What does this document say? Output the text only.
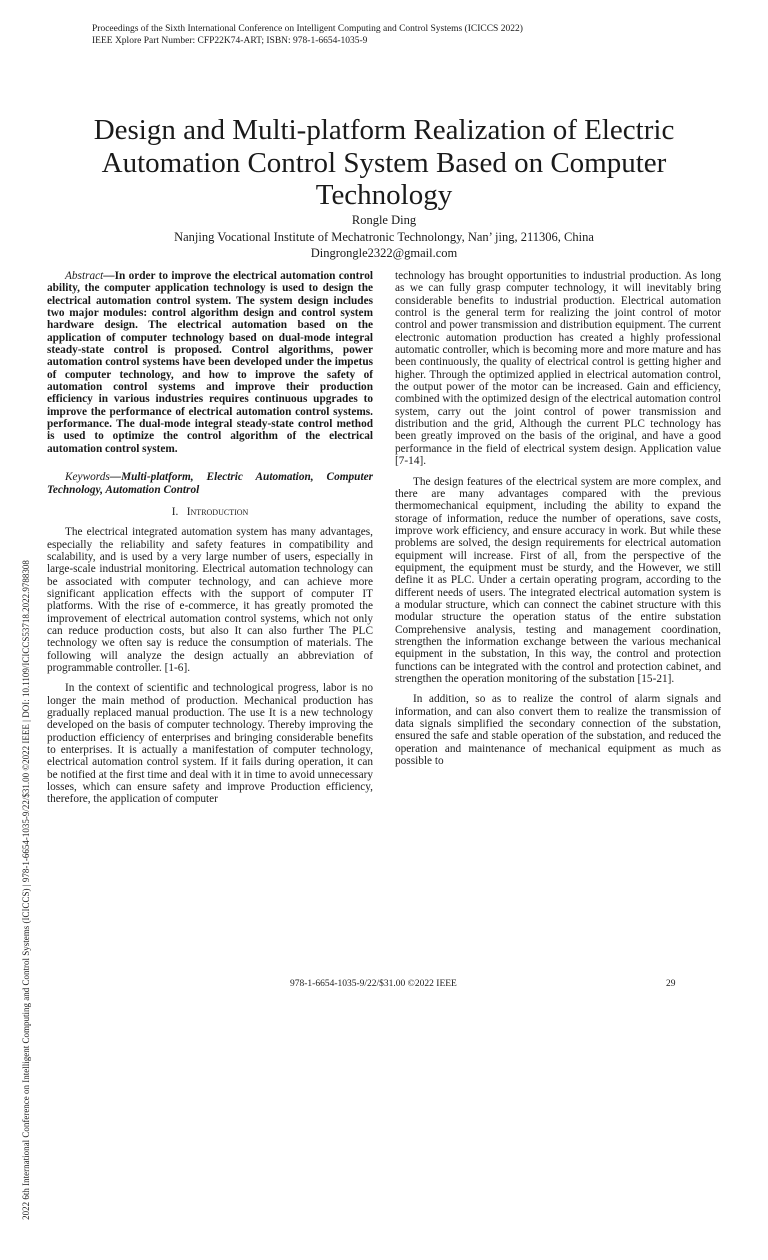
Proceedings of the Sixth International Conference on Intelligent Computing and Control Systems (ICICCS 2022)
IEEE Xplore Part Number: CFP22K74-ART; ISBN: 978-1-6654-1035-9
2022 6th International Conference on Intelligent Computing and Control Systems (ICICCS) | 978-1-6654-1035-9/22/$31.00 ©2022 IEEE | DOI: 10.1109/ICICCS53718.2022.9788308
Design and Multi-platform Realization of Electric Automation Control System Based on Computer Technology
Rongle Ding
Nanjing Vocational Institute of Mechatronic Technolongy, Nan’ jing, 211306, China
Dingrongle2322@gmail.com

Abstract—In order to improve the electrical automation control ability, the computer application technology is used to design the electrical automation control system. The system design includes two major modules: control algorithm design and control system hardware design. The electrical automation based on the application of computer technology based on dual-mode integral steady-state control is proposed. Control algorithms, power automation control systems have been developed under the impetus of computer technology, and how to improve the safety of automation control systems and improve their production efficiency in various industries requires continuous upgrades to improve the performance of electrical automation control systems. performance. The dual-mode integral steady-state control method is used to optimize the control algorithm of the electrical automation control system.

Keywords—Multi-platform, Electric Automation, Computer Technology, Automation Control

I. Introduction

The electrical integrated automation system has many advantages, especially the reliability and safety features in compatibility and scalability, and is used by a very large number of users, especially in large-scale industrial monitoring. Electrical automation technology can be associated with computer technology, and can achieve more significant application effects with the support of computer IT platforms. With the rise of e-commerce, it has greatly promoted the improvement of electrical automation control systems, which not only can reduce production costs, but also It can also further The PLC technology we often say is reduce the consumption of materials. The following will analyze the design actually an abbreviation of programmable controller. [1-6].

In the context of scientific and technological progress, labor is no longer the main method of production. Mechanical production has gradually replaced manual production. The use It is a new technology developed on the basis of computer technology. Thereby improving the production efficiency of enterprises and bringing considerable benefits to enterprises. It is actually a manifestation of computer technology, electrical automation control system. If it fails during operation, it can be notified at the first time and deal with it in time to avoid unnecessary losses, which can ensure safety and improve Production efficiency, therefore, the application of computer

technology has brought opportunities to industrial production. As long as we can fully grasp computer technology, it will inevitably bring considerable benefits to industrial production. Electrical automation control is the general term for realizing the joint control of motor control and power transmission and distribution equipment. The current electronic automation production has created a highly professional automatic controller, which is becoming more and more mature and has been continuously, the quality of electrical control is getting higher and higher. Through the optimized applied in electrical automation control, the output power of the motor can be increased. Gain and efficiency, combined with the optimized design of the electrical automation control system, carry out the joint control of power transmission and distribution and the grid, Although the current PLC technology has been greatly improved on the basis of the original, and have a good performance in the field of electrical system design. Application value [7-14].

The design features of the electrical system are more complex, and there are many advantages compared with the previous thermomechanical equipment, including the ability to expand the storage of information, reduce the number of operations, save costs, improve work efficiency, and ensure accuracy in work. But while these problems are solved, the design requirements for electrical automation equipment will increase. First of all, from the perspective of the equipment, the equipment must be sturdy, and the However, we still define it as PLC. Under a certain operating program, according to the different needs of users. The integrated electrical automation system is a modular structure, which can connect the cabinet structure with this modular structure the operation status of the entire substation Comprehensive analysis, testing and management coordination, strengthen the information exchange between the various mechanical equipment in the substation, In this way, the control and protection functions can be integrated with the control and protection cabinet, and strengthen the operation monitoring of the substation [15-21].

In addition, so as to realize the control of alarm signals and information, and can also convert them to realize the transmission of data signals simplified the secondary connection of the substation, ensured the safe and stable operation of the substation, and reduced the operation and maintenance of mechanical equipment as much as possible to

978-1-6654-1035-9/22/$31.00 ©2022 IEEE	29
